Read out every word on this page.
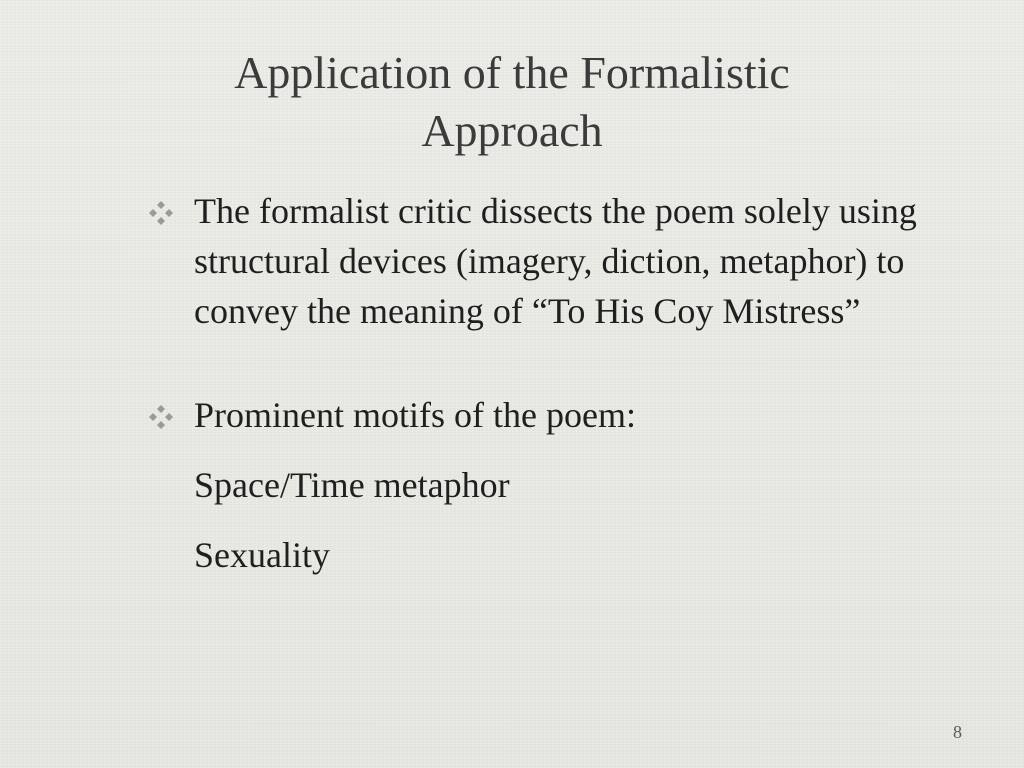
Application of the Formalistic
Approach
The formalist critic dissects the poem solely using structural devices (imagery, diction, metaphor) to convey the meaning of “To His Coy Mistress”
Prominent motifs of the poem:
Space/Time metaphor
Sexuality
8
